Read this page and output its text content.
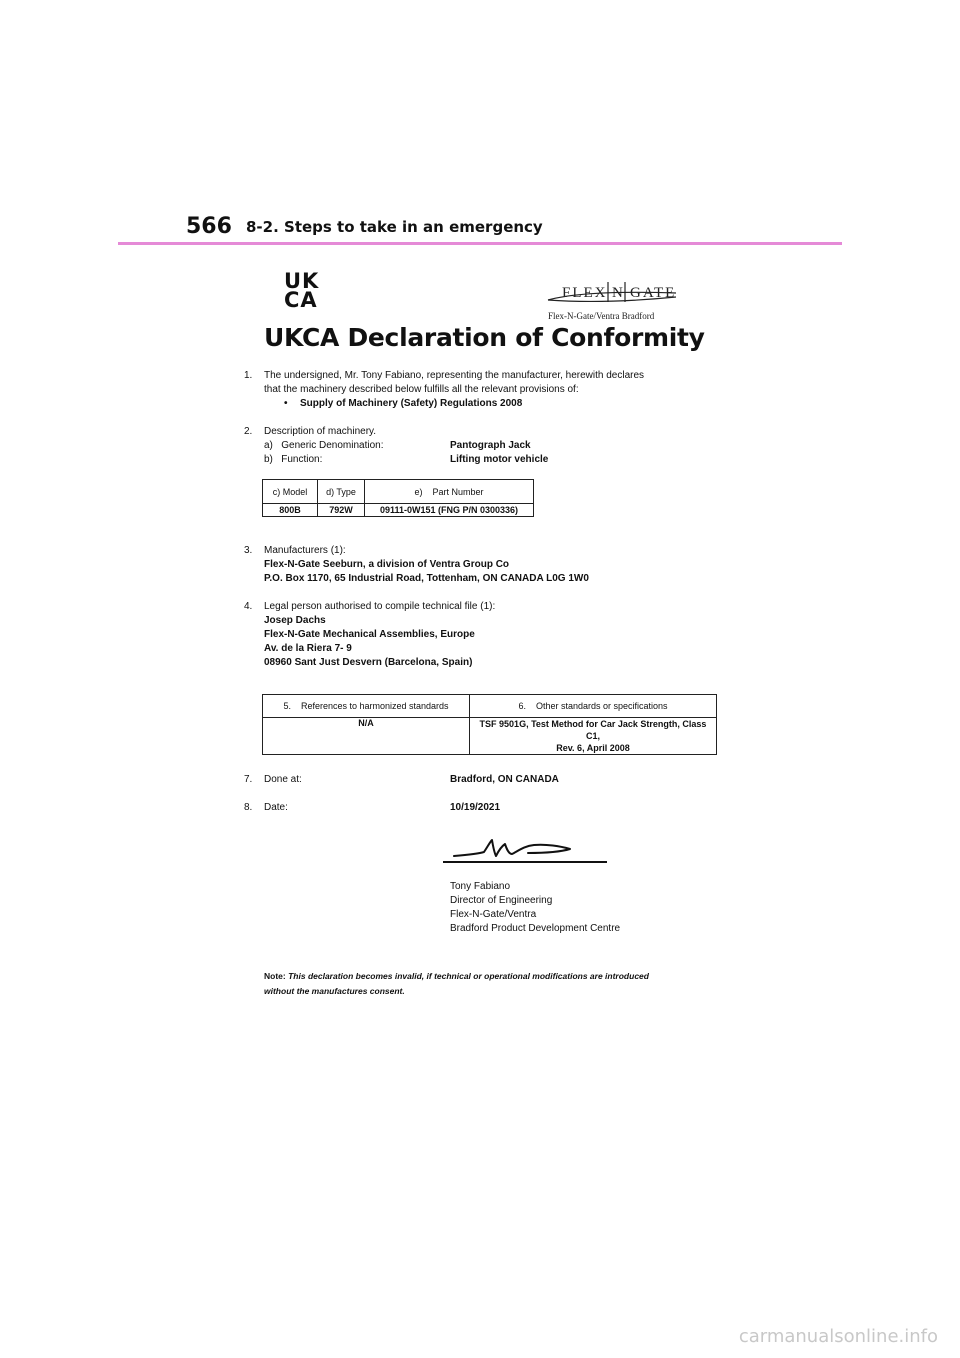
566 8-2. Steps to take in an emergency
UK
CA	FLEX N GATE
Flex-N-Gate/Ventra Bradford
UKCA Declaration of Conformity
1. The undersigned, Mr. Tony Fabiano, representing the manufacturer, herewith declares
that the machinery described below fulfills all the relevant provisions of:
• Supply of Machinery (Safety) Regulations 2008
2. Description of machinery.
a)   Generic Denomination:	Pantograph Jack
b)   Function:	Lifting motor vehicle
c) Model	d) Type	e)    Part Number
800B	792W	09111-0W151 (FNG P/N 0300336)
3. Manufacturers (1):
Flex-N-Gate Seeburn, a division of Ventra Group Co
P.O. Box 1170, 65 Industrial Road, Tottenham, ON CANADA L0G 1W0
4. Legal person authorised to compile technical file (1):
Josep Dachs
Flex-N-Gate Mechanical Assemblies, Europe
Av. de la Riera 7- 9
08960 Sant Just Desvern (Barcelona, Spain)
5.    References to harmonized standards	6.    Other standards or specifications
N/A	TSF 9501G, Test Method for Car Jack Strength, Class C1,
Rev. 6, April 2008
7. Done at:	Bradford, ON CANADA
8. Date:	10/19/2021
Tony Fabiano
Director of Engineering
Flex-N-Gate/Ventra
Bradford Product Development Centre
Note: This declaration becomes invalid, if technical or operational modifications are introduced
without the manufactures consent.
carmanualsonline.info
